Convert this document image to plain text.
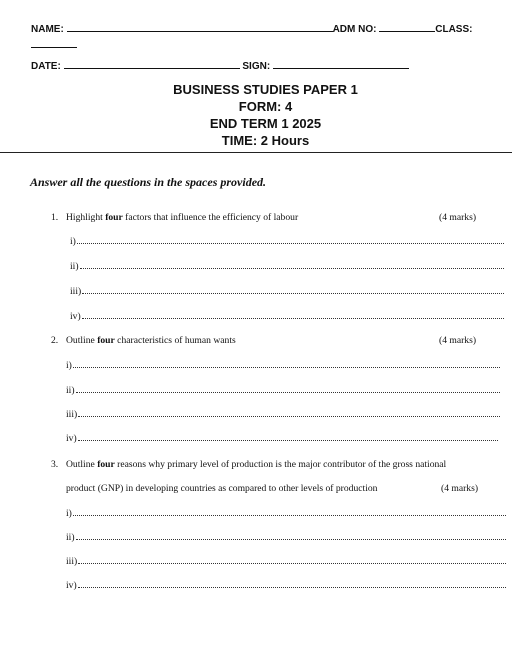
NAME:	ADM NO:	CLASS:
DATE:	SIGN:
BUSINESS STUDIES PAPER 1
FORM: 4
END TERM 1 2025
TIME: 2 Hours
Answer all the questions in the spaces provided.
1. Highlight four factors that influence the efficiency of labour	(4 marks)
i)
ii)
iii)
iv)
2. Outline four characteristics of human wants	(4 marks)
i)
ii)
iii)
iv)
3. Outline four reasons why primary level of production is the major contributor of the gross national
product (GNP) in developing countries as compared to other levels of production	(4 marks)
i)
ii)
iii)
iv)
